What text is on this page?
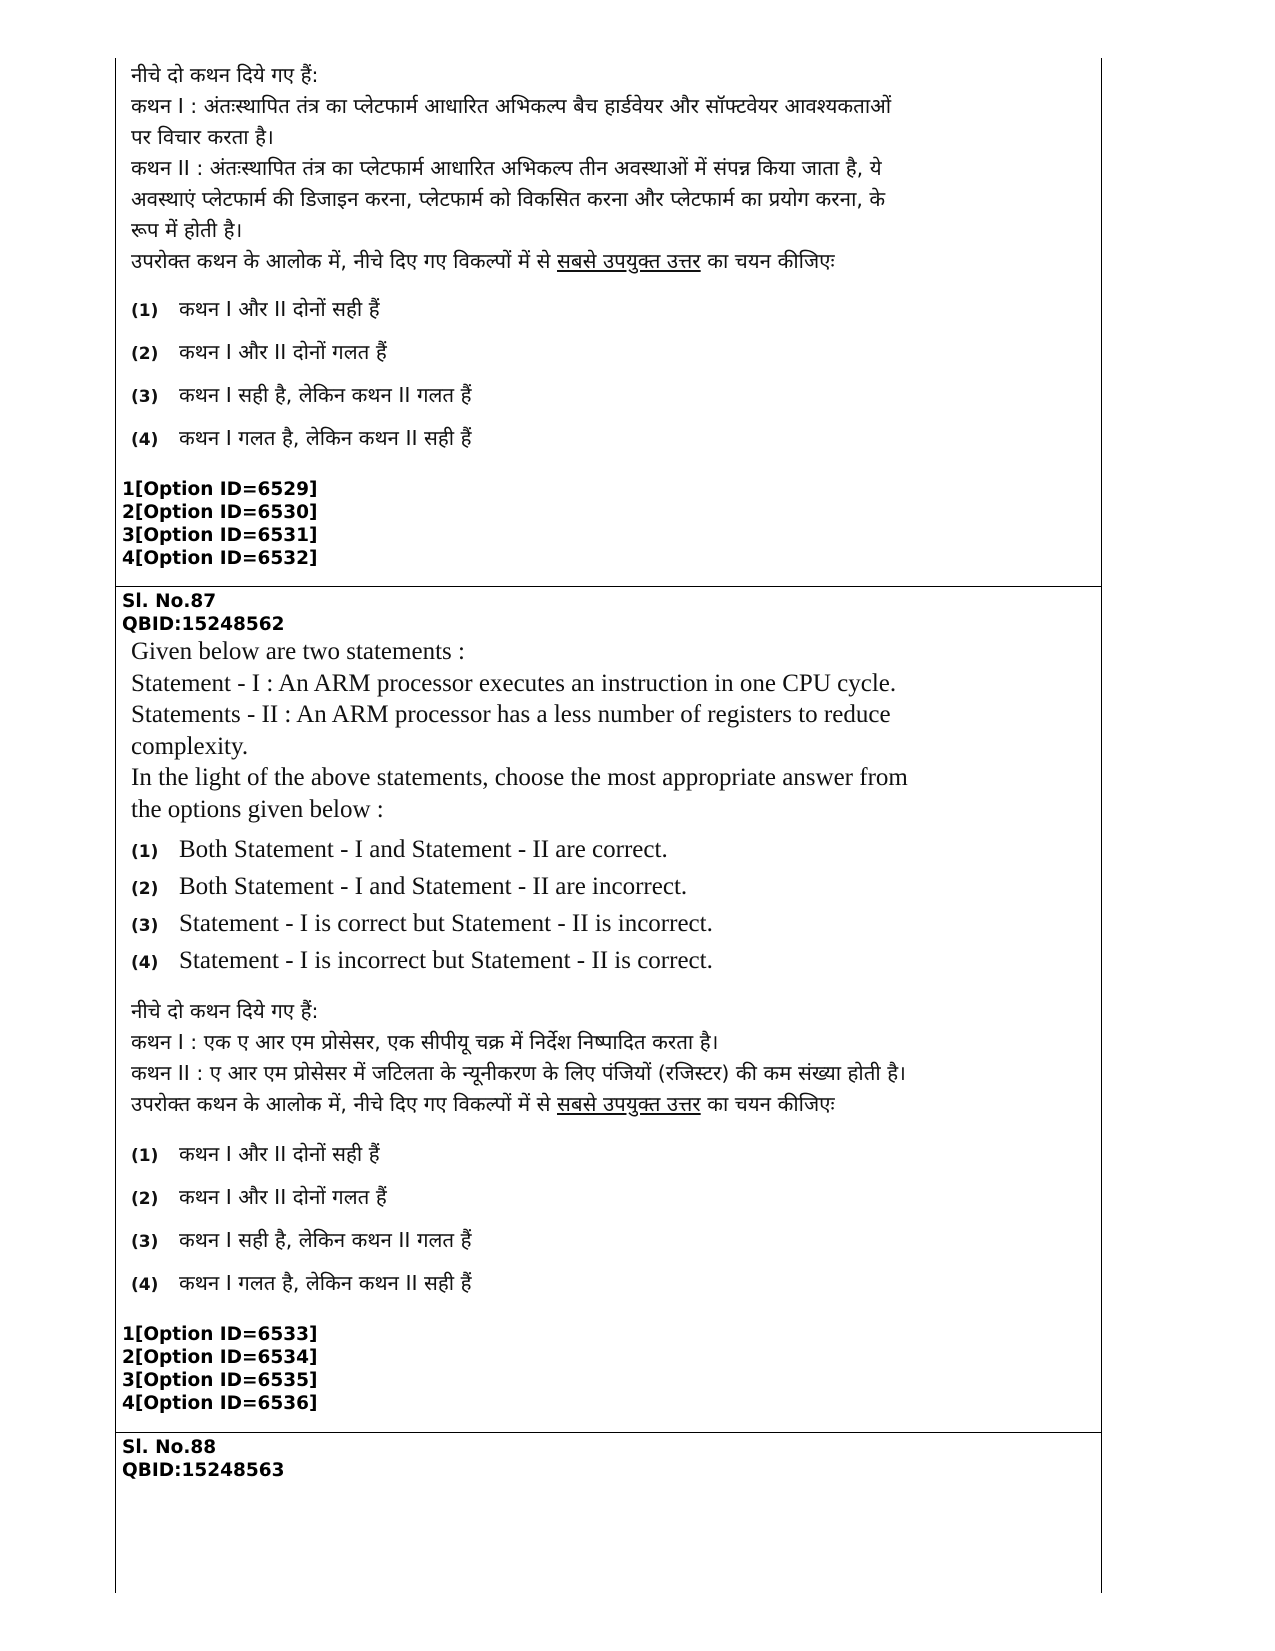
नीचे दो कथन दिये गए हैं:
कथन I : अंतःस्थापित तंत्र का प्लेटफार्म आधारित अभिकल्प बैच हार्डवेयर और सॉफ्टवेयर आवश्यकताओं
पर विचार करता है।
कथन II : अंतःस्थापित तंत्र का प्लेटफार्म आधारित अभिकल्प तीन अवस्थाओं में संपन्न किया जाता है, ये
अवस्थाएं प्लेटफार्म की डिजाइन करना, प्लेटफार्म को विकसित करना और प्लेटफार्म का प्रयोग करना, के
रूप में होती है।
उपरोक्त कथन के आलोक में, नीचे दिए गए विकल्पों में से सबसे उपयुक्त उत्तर का चयन कीजिएः
(1) कथन I और II दोनों सही हैं
(2) कथन I और II दोनों गलत हैं
(3) कथन I सही है, लेकिन कथन II गलत हैं
(4) कथन I गलत है, लेकिन कथन II सही हैं
1[Option ID=6529]
2[Option ID=6530]
3[Option ID=6531]
4[Option ID=6532]
Sl. No.87
QBID:15248562
Given below are two statements :
Statement - I : An ARM processor executes an instruction in one CPU cycle.
Statements - II : An ARM processor has a less number of registers to reduce
complexity.
In the light of the above statements, choose the most appropriate answer from
the options given below :
(1) Both Statement - I and Statement - II are correct.
(2) Both Statement - I and Statement - II are incorrect.
(3) Statement - I is correct but Statement - II is incorrect.
(4) Statement - I is incorrect but Statement - II is correct.
नीचे दो कथन दिये गए हैं:
कथन I : एक ए आर एम प्रोसेसर, एक सीपीयू चक्र में निर्देश निष्पादित करता है।
कथन II : ए आर एम प्रोसेसर में जटिलता के न्यूनीकरण के लिए पंजियों (रजिस्टर) की कम संख्या होती है।
उपरोक्त कथन के आलोक में, नीचे दिए गए विकल्पों में से सबसे उपयुक्त उत्तर का चयन कीजिएः
(1) कथन I और II दोनों सही हैं
(2) कथन I और II दोनों गलत हैं
(3) कथन I सही है, लेकिन कथन II गलत हैं
(4) कथन I गलत है, लेकिन कथन II सही हैं
1[Option ID=6533]
2[Option ID=6534]
3[Option ID=6535]
4[Option ID=6536]
Sl. No.88
QBID:15248563
